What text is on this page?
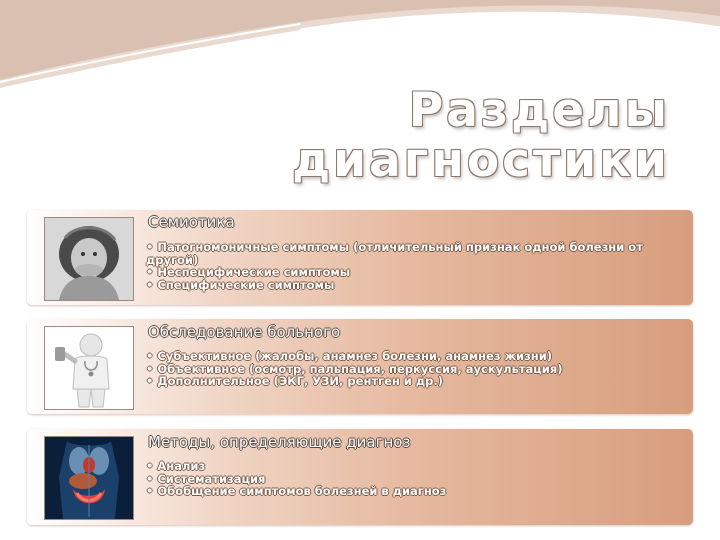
Разделы
диагностики
Семиотика
• Патогномоничные симптомы (отличительный признак одной болезни от другой)
• Неспецифические симптомы
• Специфические симптомы
Обследование больного
• Субъективное (жалобы, анамнез болезни, анамнез жизни)
• Объективное (осмотр, пальпация, перкуссия, аускультация)
• Дополнительное (ЭКГ, УЗИ, рентген и др.)
Методы, определяющие диагноз
• Анализ
• Систематизация
• Обобщение симптомов болезней в диагноз
